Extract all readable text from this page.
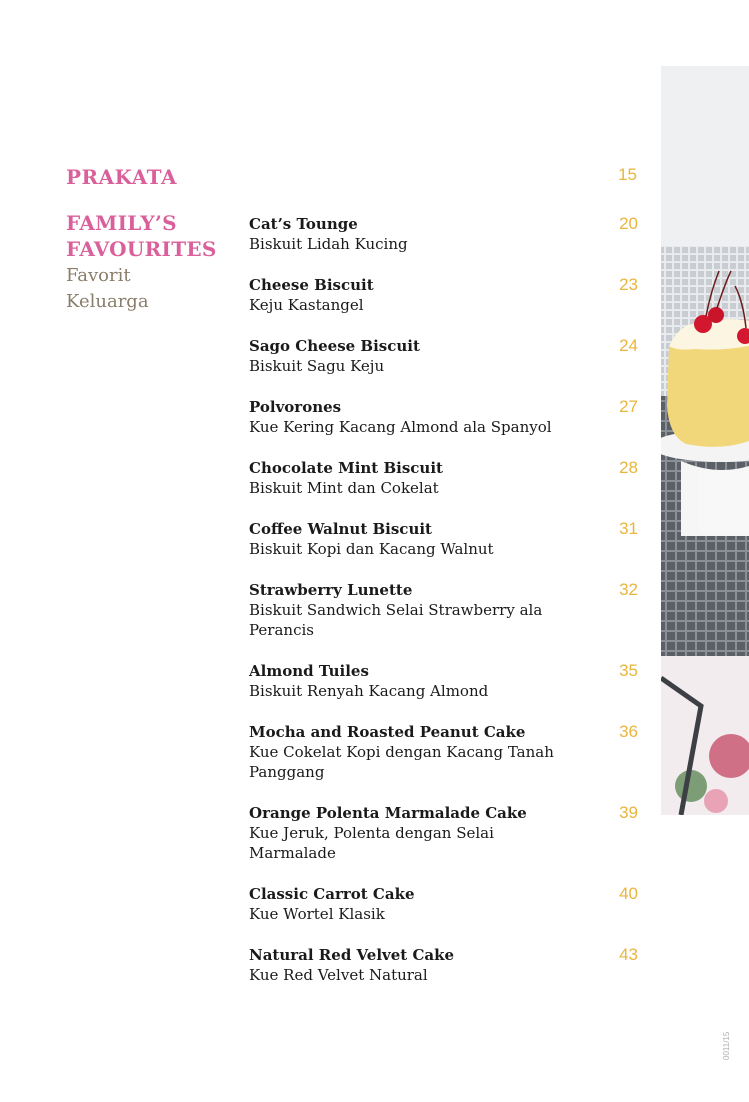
PRAKATA	15
FAMILY’S
FAVOURITES
Favorit
Keluarga
Cat’s Tounge
Biskuit Lidah Kucing
20
Cheese Biscuit
Keju Kastangel
23
Sago Cheese Biscuit
Biskuit Sagu Keju
24
Polvorones
Kue Kering Kacang Almond ala Spanyol
27
Chocolate Mint Biscuit
Biskuit Mint dan Cokelat
28
Coffee Walnut Biscuit
Biskuit Kopi dan Kacang Walnut
31
Strawberry Lunette
Biskuit Sandwich Selai Strawberry ala Perancis
32
Almond Tuiles
Biskuit Renyah Kacang Almond
35
Mocha and Roasted Peanut Cake
Kue Cokelat Kopi dengan Kacang Tanah Panggang
36
Orange Polenta Marmalade Cake
Kue Jeruk, Polenta dengan Selai Marmalade
39
Classic Carrot Cake
Kue Wortel Klasik
40
Natural Red Velvet Cake
Kue Red Velvet Natural
43
0011/15
